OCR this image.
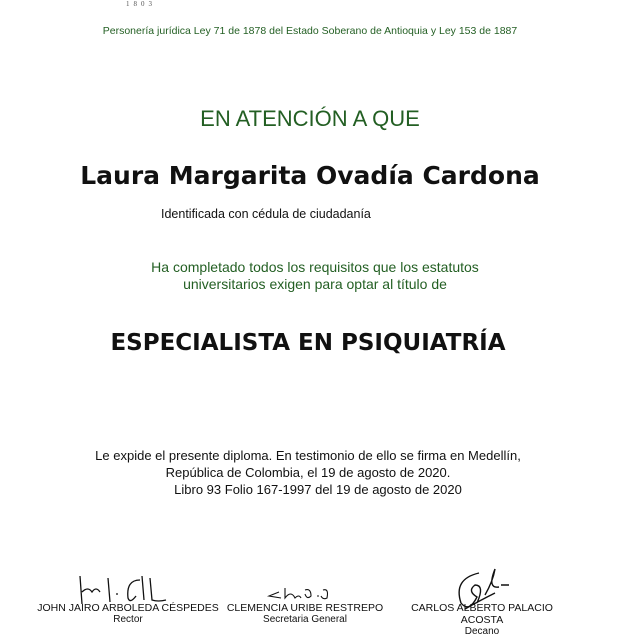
1803
Personería jurídica Ley 71 de 1878 del Estado Soberano de Antioquia y Ley 153 de 1887
EN ATENCIÓN A QUE
Laura Margarita Ovadía Cardona
Identificada con cédula de ciudadanía
Ha completado todos los requisitos que los estatutos
universitarios exigen para optar al título de
ESPECIALISTA EN PSIQUIATRÍA
Le expide el presente diploma. En testimonio de ello se firma en Medellín,
República de Colombia, el 19 de agosto de 2020.
Libro 93 Folio 167-1997 del 19 de agosto de 2020
JOHN JAIRO ARBOLEDA CÉSPEDES
Rector
CLEMENCIA URIBE RESTREPO
Secretaria General
CARLOS ALBERTO PALACIO
ACOSTA
Decano
